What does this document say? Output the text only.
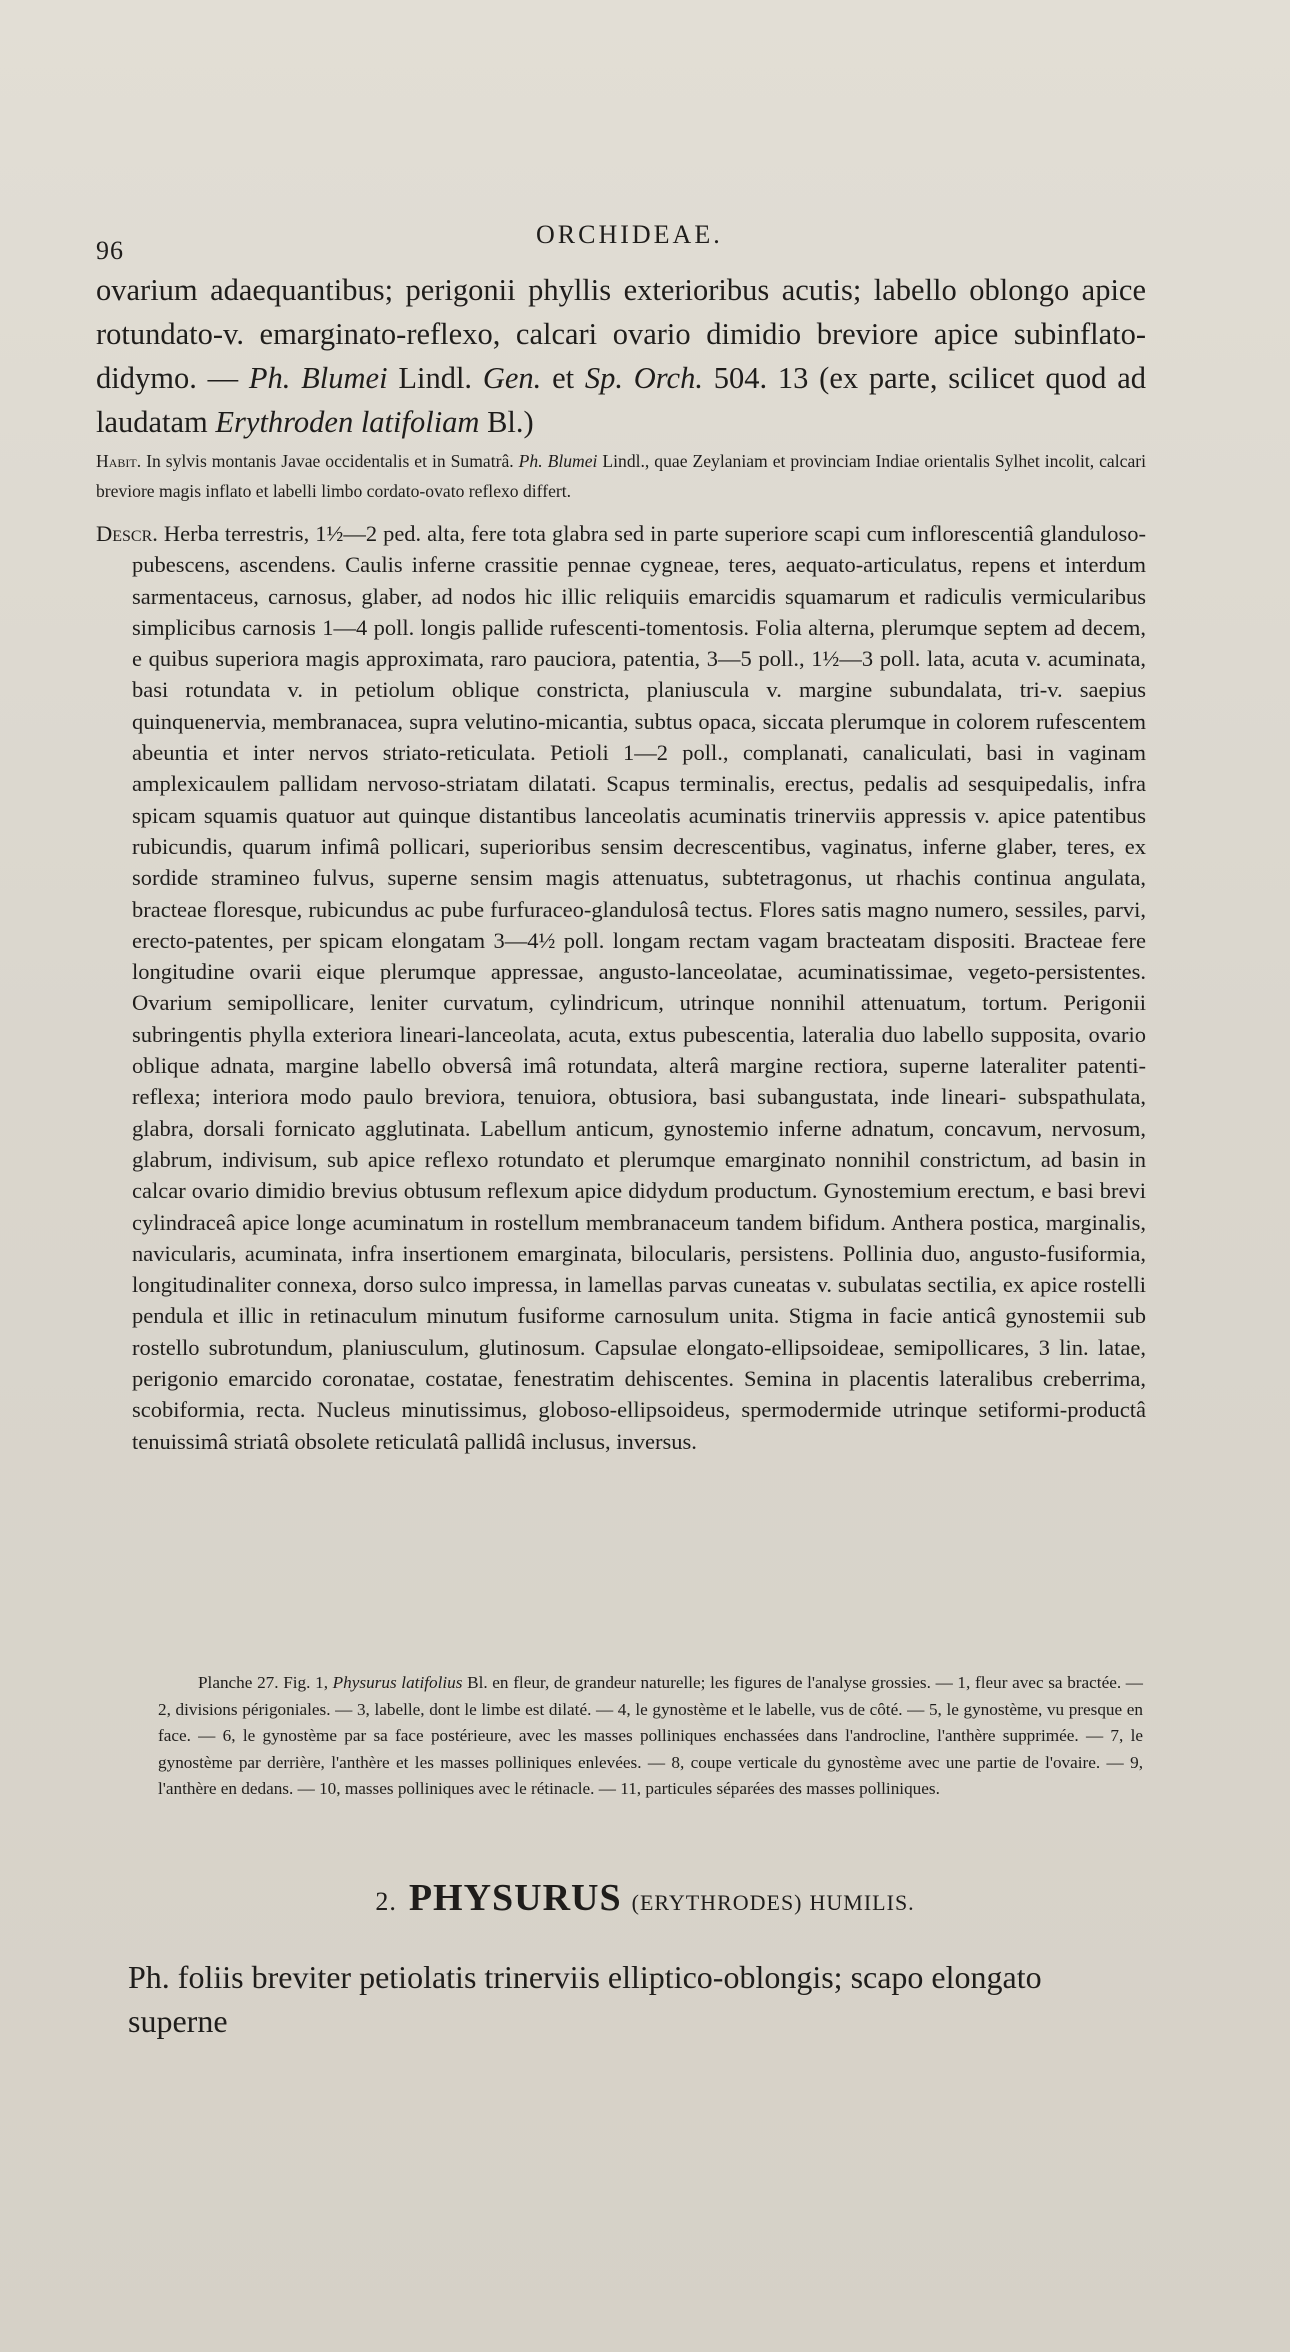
96
ORCHIDEAE.

ovarium adaequantibus; perigonii phyllis exterioribus acutis; labello oblongo apice rotundato-v. emarginato-reflexo, calcari ovario dimidio breviore apice subinflato-didymo. — Ph. Blumei Lindl. Gen. et Sp. Orch. 504. 13 (ex parte, scilicet quod ad laudatam Erythroden latifoliam Bl.)

Habit. In sylvis montanis Javae occidentalis et in Sumatrâ. Ph. Blumei Lindl., quae Zeylaniam et provinciam Indiae orientalis Sylhet incolit, calcari breviore magis inflato et labelli limbo cordato-ovato reflexo differt.

Descr. Herba terrestris, 1½—2 ped. alta, fere tota glabra sed in parte superiore scapi cum inflorescentiâ glanduloso-pubescens, ascendens. Caulis inferne crassitie pennae cygneae, teres, aequato-articulatus, repens et interdum sarmentaceus, carnosus, glaber, ad nodos hic illic reliquiis emarcidis squamarum et radiculis vermicularibus simplicibus carnosis 1—4 poll. longis pallide rufescenti-tomentosis. Folia alterna, plerumque septem ad decem, e quibus superiora magis approximata, raro pauciora, patentia, 3—5 poll., 1½—3 poll. lata, acuta v. acuminata, basi rotundata v. in petiolum oblique constricta, planiuscula v. margine subundalata, tri-v. saepius quinquenervia, membranacea, supra velutino-micantia, subtus opaca, siccata plerumque in colorem rufescentem abeuntia et inter nervos striato-reticulata. Petioli 1—2 poll., complanati, canaliculati, basi in vaginam amplexicaulem pallidam nervoso-striatam dilatati. Scapus terminalis, erectus, pedalis ad sesquipedalis, infra spicam squamis quatuor aut quinque distantibus lanceolatis acuminatis trinerviis appressis v. apice patentibus rubicundis, quarum infimâ pollicari, superioribus sensim decrescentibus, vaginatus, inferne glaber, teres, ex sordide stramineo fulvus, superne sensim magis attenuatus, subtetragonus, ut rhachis continua angulata, bracteae floresque, rubicundus ac pube furfuraceo-glandulosâ tectus. Flores satis magno numero, sessiles, parvi, erecto-patentes, per spicam elongatam 3—4½ poll. longam rectam vagam bracteatam dispositi. Bracteae fere longitudine ovarii eique plerumque appressae, angusto-lanceolatae, acuminatissimae, vegeto-persistentes. Ovarium semipollicare, leniter curvatum, cylindricum, utrinque nonnihil attenuatum, tortum. Perigonii subringentis phylla exteriora lineari-lanceolata, acuta, extus pubescentia, lateralia duo labello supposita, ovario oblique adnata, margine labello obversâ imâ rotundata, alterâ margine rectiora, superne lateraliter patenti-reflexa; interiora modo paulo breviora, tenuiora, obtusiora, basi subangustata, inde lineari- subspathulata, glabra, dorsali fornicato agglutinata. Labellum anticum, gynostemio inferne adnatum, concavum, nervosum, glabrum, indivisum, sub apice reflexo rotundato et plerumque emarginato nonnihil constrictum, ad basin in calcar ovario dimidio brevius obtusum reflexum apice didydum productum. Gynostemium erectum, e basi brevi cylindraceâ apice longe acuminatum in rostellum membranaceum tandem bifidum. Anthera postica, marginalis, navicularis, acuminata, infra insertionem emarginata, bilocularis, persistens. Pollinia duo, angusto-fusiformia, longitudinaliter connexa, dorso sulco impressa, in lamellas parvas cuneatas v. subulatas sectilia, ex apice rostelli pendula et illic in retinaculum minutum fusiforme carnosulum unita. Stigma in facie anticâ gynostemii sub rostello subrotundum, planiusculum, glutinosum. Capsulae elongato-ellipsoideae, semipollicares, 3 lin. latae, perigonio emarcido coronatae, costatae, fenestratim dehiscentes. Semina in placentis lateralibus creberrima, scobiformia, recta. Nucleus minutissimus, globoso-ellipsoideus, spermodermide utrinque setiformi-productâ tenuissimâ striatâ obsolete reticulatâ pallidâ inclusus, inversus.

Planche 27. Fig. 1, Physurus latifolius Bl. en fleur, de grandeur naturelle; les figures de l'analyse grossies. — 1, fleur avec sa bractée. — 2, divisions périgoniales. — 3, labelle, dont le limbe est dilaté. — 4, le gynostème et le labelle, vus de côté. — 5, le gynostème, vu presque en face. — 6, le gynostème par sa face postérieure, avec les masses polliniques enchassées dans l'androcline, l'anthère supprimée. — 7, le gynostème par derrière, l'anthère et les masses polliniques enlevées. — 8, coupe verticale du gynostème avec une partie de l'ovaire. — 9, l'anthère en dedans. — 10, masses polliniques avec le rétinacle. — 11, particules séparées des masses polliniques.

2. PHYSURUS (ERYTHRODES) HUMILIS.

Ph. foliis breviter petiolatis trinerviis elliptico-oblongis; scapo elongato superne
